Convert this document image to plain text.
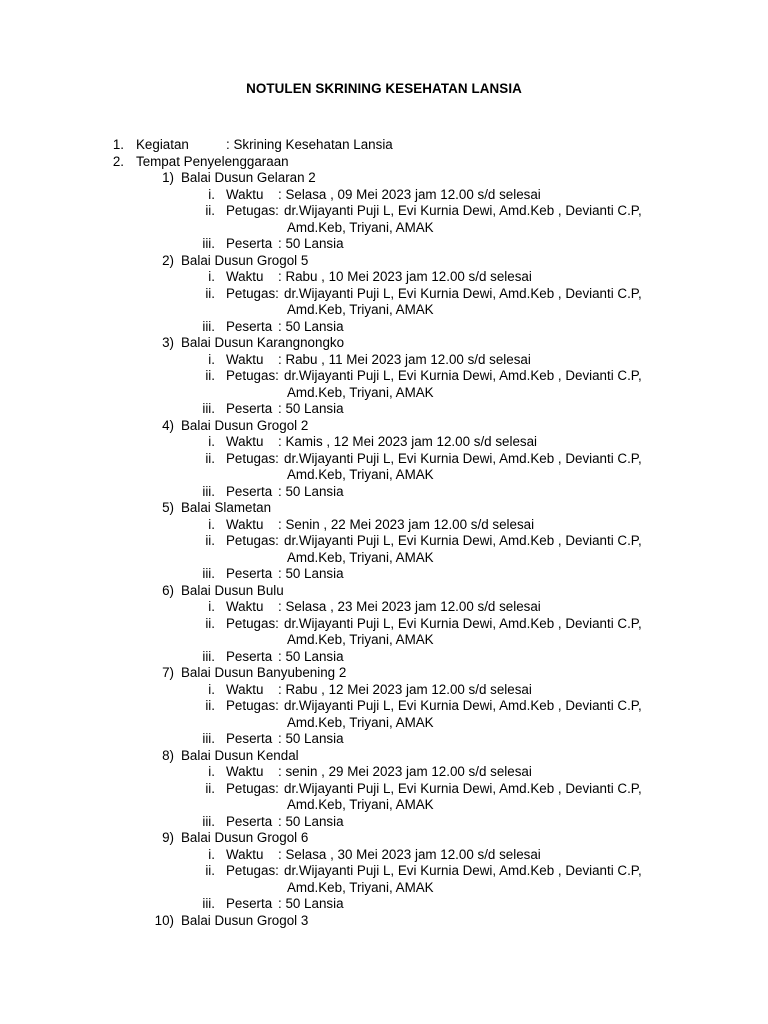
NOTULEN SKRINING KESEHATAN LANSIA
1. Kegiatan	: Skrining Kesehatan Lansia
2. Tempat Penyelenggaraan
1) Balai Dusun Gelaran 2
i. Waktu : Selasa , 09 Mei 2023 jam 12.00 s/d selesai
ii. Petugas: dr.Wijayanti Puji L, Evi Kurnia Dewi, Amd.Keb , Devianti C.P,
Amd.Keb, Triyani, AMAK
iii. Peserta : 50 Lansia
2) Balai Dusun Grogol 5
i. Waktu : Rabu , 10 Mei 2023 jam 12.00 s/d selesai
ii. Petugas: dr.Wijayanti Puji L, Evi Kurnia Dewi, Amd.Keb , Devianti C.P,
Amd.Keb, Triyani, AMAK
iii. Peserta : 50 Lansia
3) Balai Dusun Karangnongko
i. Waktu : Rabu , 11 Mei 2023 jam 12.00 s/d selesai
ii. Petugas: dr.Wijayanti Puji L, Evi Kurnia Dewi, Amd.Keb , Devianti C.P,
Amd.Keb, Triyani, AMAK
iii. Peserta : 50 Lansia
4) Balai Dusun Grogol 2
i. Waktu : Kamis , 12 Mei 2023 jam 12.00 s/d selesai
ii. Petugas: dr.Wijayanti Puji L, Evi Kurnia Dewi, Amd.Keb , Devianti C.P,
Amd.Keb, Triyani, AMAK
iii. Peserta : 50 Lansia
5) Balai Slametan
i. Waktu : Senin , 22 Mei 2023 jam 12.00 s/d selesai
ii. Petugas: dr.Wijayanti Puji L, Evi Kurnia Dewi, Amd.Keb , Devianti C.P,
Amd.Keb, Triyani, AMAK
iii. Peserta : 50 Lansia
6) Balai Dusun Bulu
i. Waktu : Selasa , 23 Mei 2023 jam 12.00 s/d selesai
ii. Petugas: dr.Wijayanti Puji L, Evi Kurnia Dewi, Amd.Keb , Devianti C.P,
Amd.Keb, Triyani, AMAK
iii. Peserta : 50 Lansia
7) Balai Dusun Banyubening 2
i. Waktu : Rabu , 12 Mei 2023 jam 12.00 s/d selesai
ii. Petugas: dr.Wijayanti Puji L, Evi Kurnia Dewi, Amd.Keb , Devianti C.P,
Amd.Keb, Triyani, AMAK
iii. Peserta : 50 Lansia
8) Balai Dusun Kendal
i. Waktu : senin , 29 Mei 2023 jam 12.00 s/d selesai
ii. Petugas: dr.Wijayanti Puji L, Evi Kurnia Dewi, Amd.Keb , Devianti C.P,
Amd.Keb, Triyani, AMAK
iii. Peserta : 50 Lansia
9) Balai Dusun Grogol 6
i. Waktu : Selasa , 30 Mei 2023 jam 12.00 s/d selesai
ii. Petugas: dr.Wijayanti Puji L, Evi Kurnia Dewi, Amd.Keb , Devianti C.P,
Amd.Keb, Triyani, AMAK
iii. Peserta : 50 Lansia
10) Balai Dusun Grogol 3
